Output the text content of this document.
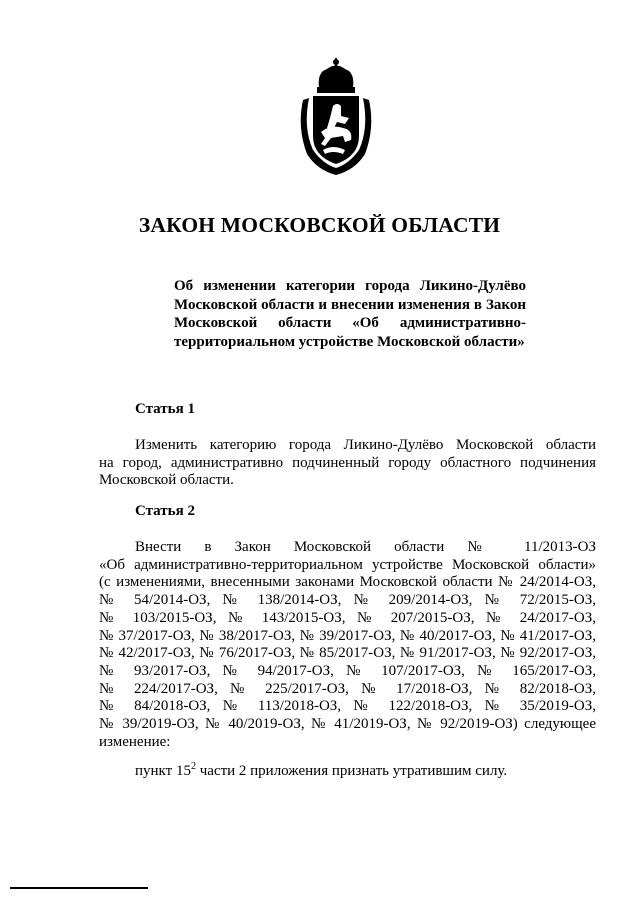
ЗАКОН МОСКОВСКОЙ ОБЛАСТИ
Об изменении категории города Ликино-Дулёво
Московской области и внесении изменения в Закон
Московской области «Об административно-
территориальном устройстве Московской области»
Статья 1
Изменить категорию города Ликино-Дулёво Московской области
на город, административно подчиненный городу областного подчинения
Московской области.
Статья 2
Внести в Закон Московской области № 11/2013-ОЗ
«Об административно-территориальном устройстве Московской области»
(с изменениями, внесенными законами Московской области № 24/2014-ОЗ,
№ 54/2014-ОЗ, № 138/2014-ОЗ, № 209/2014-ОЗ, № 72/2015-ОЗ,
№ 103/2015-ОЗ, № 143/2015-ОЗ, № 207/2015-ОЗ, № 24/2017-ОЗ,
№ 37/2017-ОЗ, № 38/2017-ОЗ, № 39/2017-ОЗ, № 40/2017-ОЗ, № 41/2017-ОЗ,
№ 42/2017-ОЗ, № 76/2017-ОЗ, № 85/2017-ОЗ, № 91/2017-ОЗ, № 92/2017-ОЗ,
№ 93/2017-ОЗ, № 94/2017-ОЗ, № 107/2017-ОЗ, № 165/2017-ОЗ,
№ 224/2017-ОЗ, № 225/2017-ОЗ, № 17/2018-ОЗ, № 82/2018-ОЗ,
№ 84/2018-ОЗ, № 113/2018-ОЗ, № 122/2018-ОЗ, № 35/2019-ОЗ,
№ 39/2019-ОЗ, № 40/2019-ОЗ, № 41/2019-ОЗ, № 92/2019-ОЗ) следующее
изменение:

пункт $15^2$ части 2 приложения признать утратившим силу.
